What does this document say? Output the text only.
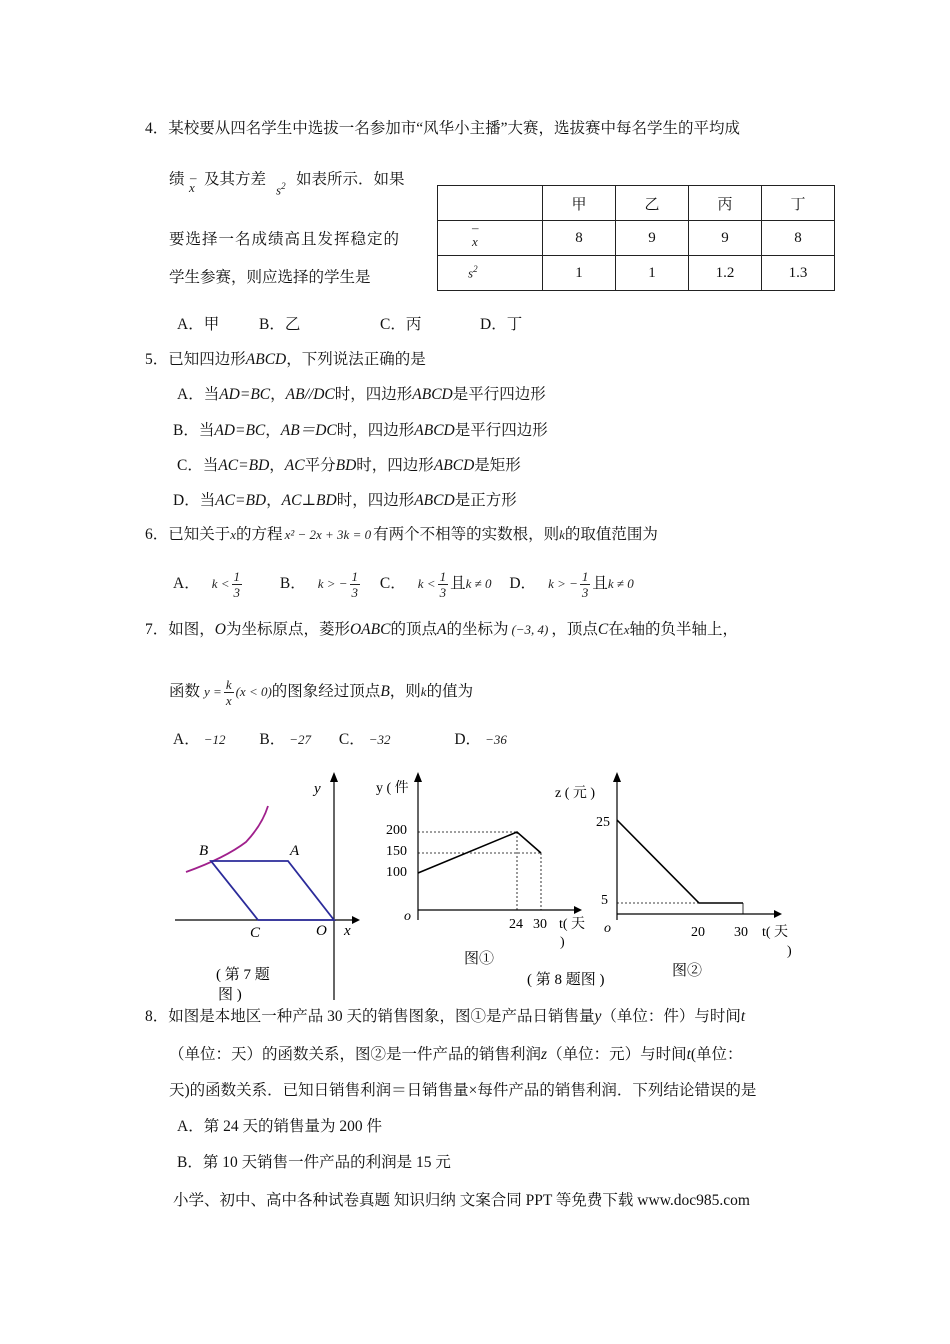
4．某校要从四名学生中选拔一名参加市“风华小主播”大赛，选拔赛中每名学生的平均成
绩 –
x 及其方差
$s^2$ 如表所示．如果
要选择一名成绩高且发挥稳定的
学生参赛，则应选择的学生是
	甲	乙	丙	丁

–
x	8	9	9	8
$s^2$	1	1	1.2	1.3
A．甲	B．乙	C．丙	D．丁
5．已知四边形ABCD，下列说法正确的是
A．当AD=BC，AB//DC时，四边形ABCD是平行四边形
B．当AD=BC，AB＝DC时，四边形ABCD是平行四边形
C．当AC=BD，AC平分BD时，四边形ABCD是矩形
D．当AC=BD，AC⊥BD时，四边形ABCD是正方形
6．已知关于x的方程 x² − 2x + 3k = 0 有两个不相等的实数根，则k的取值范围为
A． $k < \frac{1}{3}$ B． k > − $\frac{1}{3}$ C． $k < \frac{1}{3}$ 且k ≠ 0 D． k > − $\frac{1}{3}$ 且k ≠ 0
7．如图，O为坐标原点，菱形OABC的顶点A的坐标为 (−3, 4) ，顶点C在x轴的负半轴上，
函数 $y = \frac{k}{x} (x < 0)$的图象经过顶点B，则k的值为
A． −12 B． −27 C． −32	D． −36
y
B	A
C	O x
( 第 7 题
图 )
y ( 件
200
150
100
o
24 30 t( 天
)
图①
( 第 8 题图 )
z ( 元 )
25
5
o	20 30 t( 天
)
图②
8．如图是本地区一种产品 30 天的销售图象，图①是产品日销售量y（单位：件）与时间t
（单位：天）的函数关系，图②是一件产品的销售利润z（单位：元）与时间t(单位：
天)的函数关系．已知日销售利润＝日销售量×每件产品的销售利润．下列结论错误的是
A．第 24 天的销售量为 200 件
B．第 10 天销售一件产品的利润是 15 元
小学、初中、高中各种试卷真题 知识归纳 文案合同 PPT 等免费下载 www.doc985.com
